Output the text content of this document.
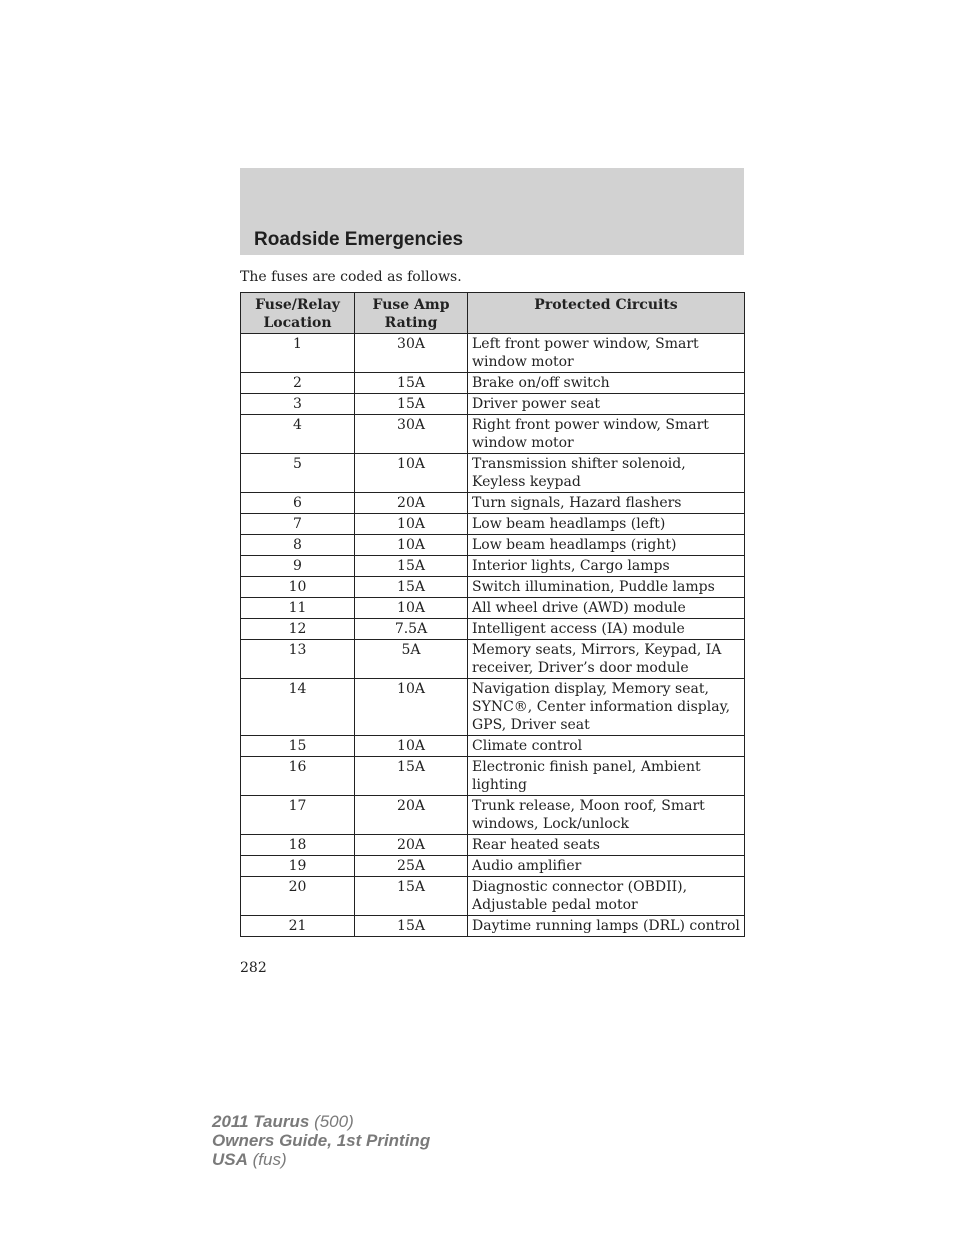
Roadside Emergencies

The fuses are coded as follows.

Fuse/Relay Location	Fuse Amp Rating	Protected Circuits
1	30A	Left front power window, Smart window motor
2	15A	Brake on/off switch
3	15A	Driver power seat
4	30A	Right front power window, Smart window motor
5	10A	Transmission shifter solenoid, Keyless keypad
6	20A	Turn signals, Hazard flashers
7	10A	Low beam headlamps (left)
8	10A	Low beam headlamps (right)
9	15A	Interior lights, Cargo lamps
10	15A	Switch illumination, Puddle lamps
11	10A	All wheel drive (AWD) module
12	7.5A	Intelligent access (IA) module
13	5A	Memory seats, Mirrors, Keypad, IA receiver, Driver’s door module
14	10A	Navigation display, Memory seat, SYNC®, Center information display, GPS, Driver seat
15	10A	Climate control
16	15A	Electronic finish panel, Ambient lighting
17	20A	Trunk release, Moon roof, Smart windows, Lock/unlock
18	20A	Rear heated seats
19	25A	Audio amplifier
20	15A	Diagnostic connector (OBDII), Adjustable pedal motor
21	15A	Daytime running lamps (DRL) control

282

2011 Taurus (500)
Owners Guide, 1st Printing
USA (fus)
